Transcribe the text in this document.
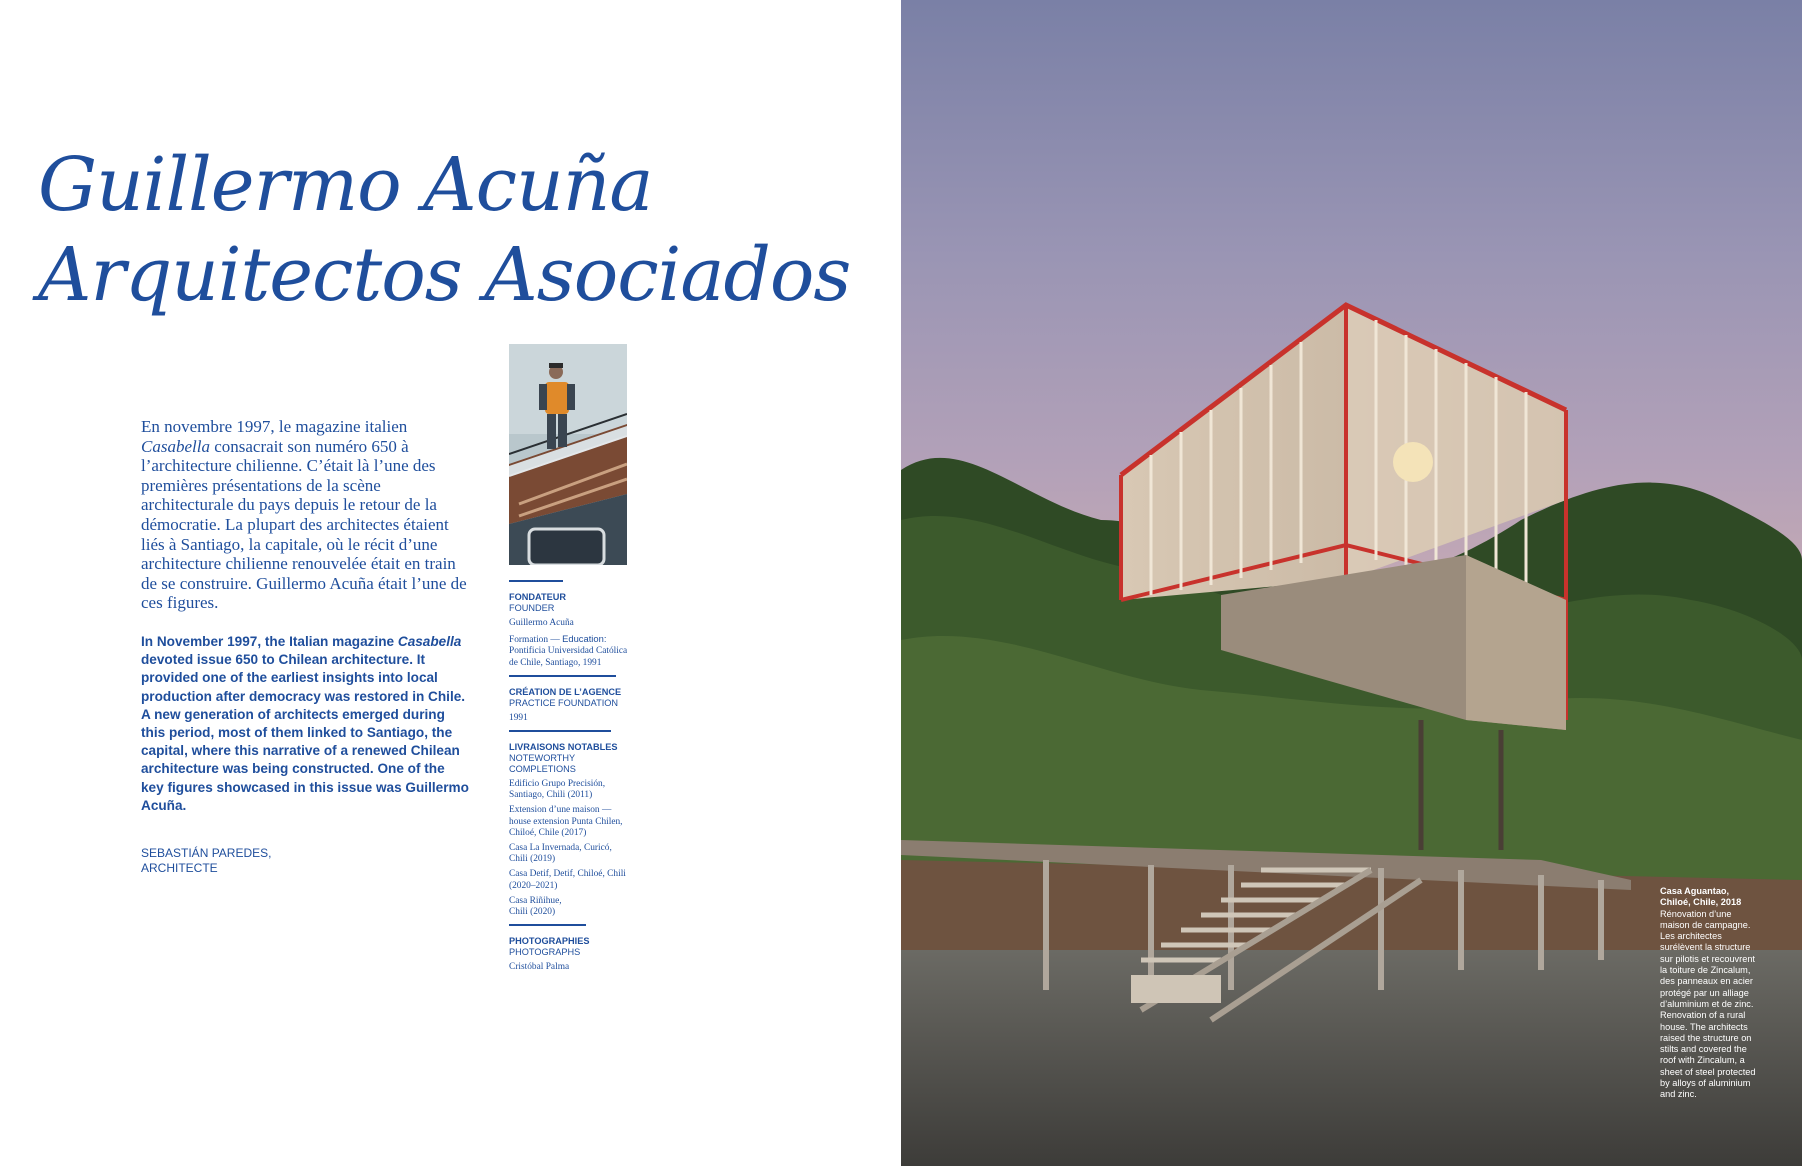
Guillermo Acuña
Arquitectos Asociados

En novembre 1997, le magazine italien Casabella consacrait son numéro 650 à l’architecture chilienne. C’était là l’une des premières présentations de la scène architecturale du pays depuis le retour de la démocratie. La plupart des architectes étaient liés à Santiago, la capitale, où le récit d’une architecture chilienne renouvelée était en train de se construire. Guillermo Acuña était l’une de ces figures.

In November 1997, the Italian magazine Casabella devoted issue 650 to Chilean architecture. It provided one of the earliest insights into local production after democracy was restored in Chile. A new generation of architects emerged during this period, most of them linked to Santiago, the capital, where this narrative of a renewed Chilean architecture was being constructed. One of the key figures showcased in this issue was Guillermo Acuña.

SEBASTIÁN PAREDES,
ARCHITECTE
FONDATEUR
FOUNDER
Guillermo Acuña
Formation — Education: Pontificia Universidad Católica de Chile, Santiago, 1991
CRÉATION DE L’AGENCE
PRACTICE FOUNDATION
1991
LIVRAISONS NOTABLES
NOTEWORTHY COMPLETIONS
Edificio Grupo Precisión, Santiago, Chili (2011)
Extension d’une maison — house extension Punta Chilen, Chiloé, Chile (2017)
Casa La Invernada, Curicó, Chili (2019)
Casa Detif, Detif, Chiloé, Chili (2020–2021)
Casa Riñihue, Chili (2020)
PHOTOGRAPHIES
PHOTOGRAPHS
Cristóbal Palma
Casa Aguantao, Chiloé, Chile, 2018
Rénovation d’une maison de campagne. Les architectes surélèvent la structure sur pilotis et recouvrent la toiture de Zincalum, des panneaux en acier protégé par un alliage d’aluminium et de zinc.
Renovation of a rural house. The architects raised the structure on stilts and covered the roof with Zincalum, a sheet of steel protected by alloys of aluminium and zinc.
